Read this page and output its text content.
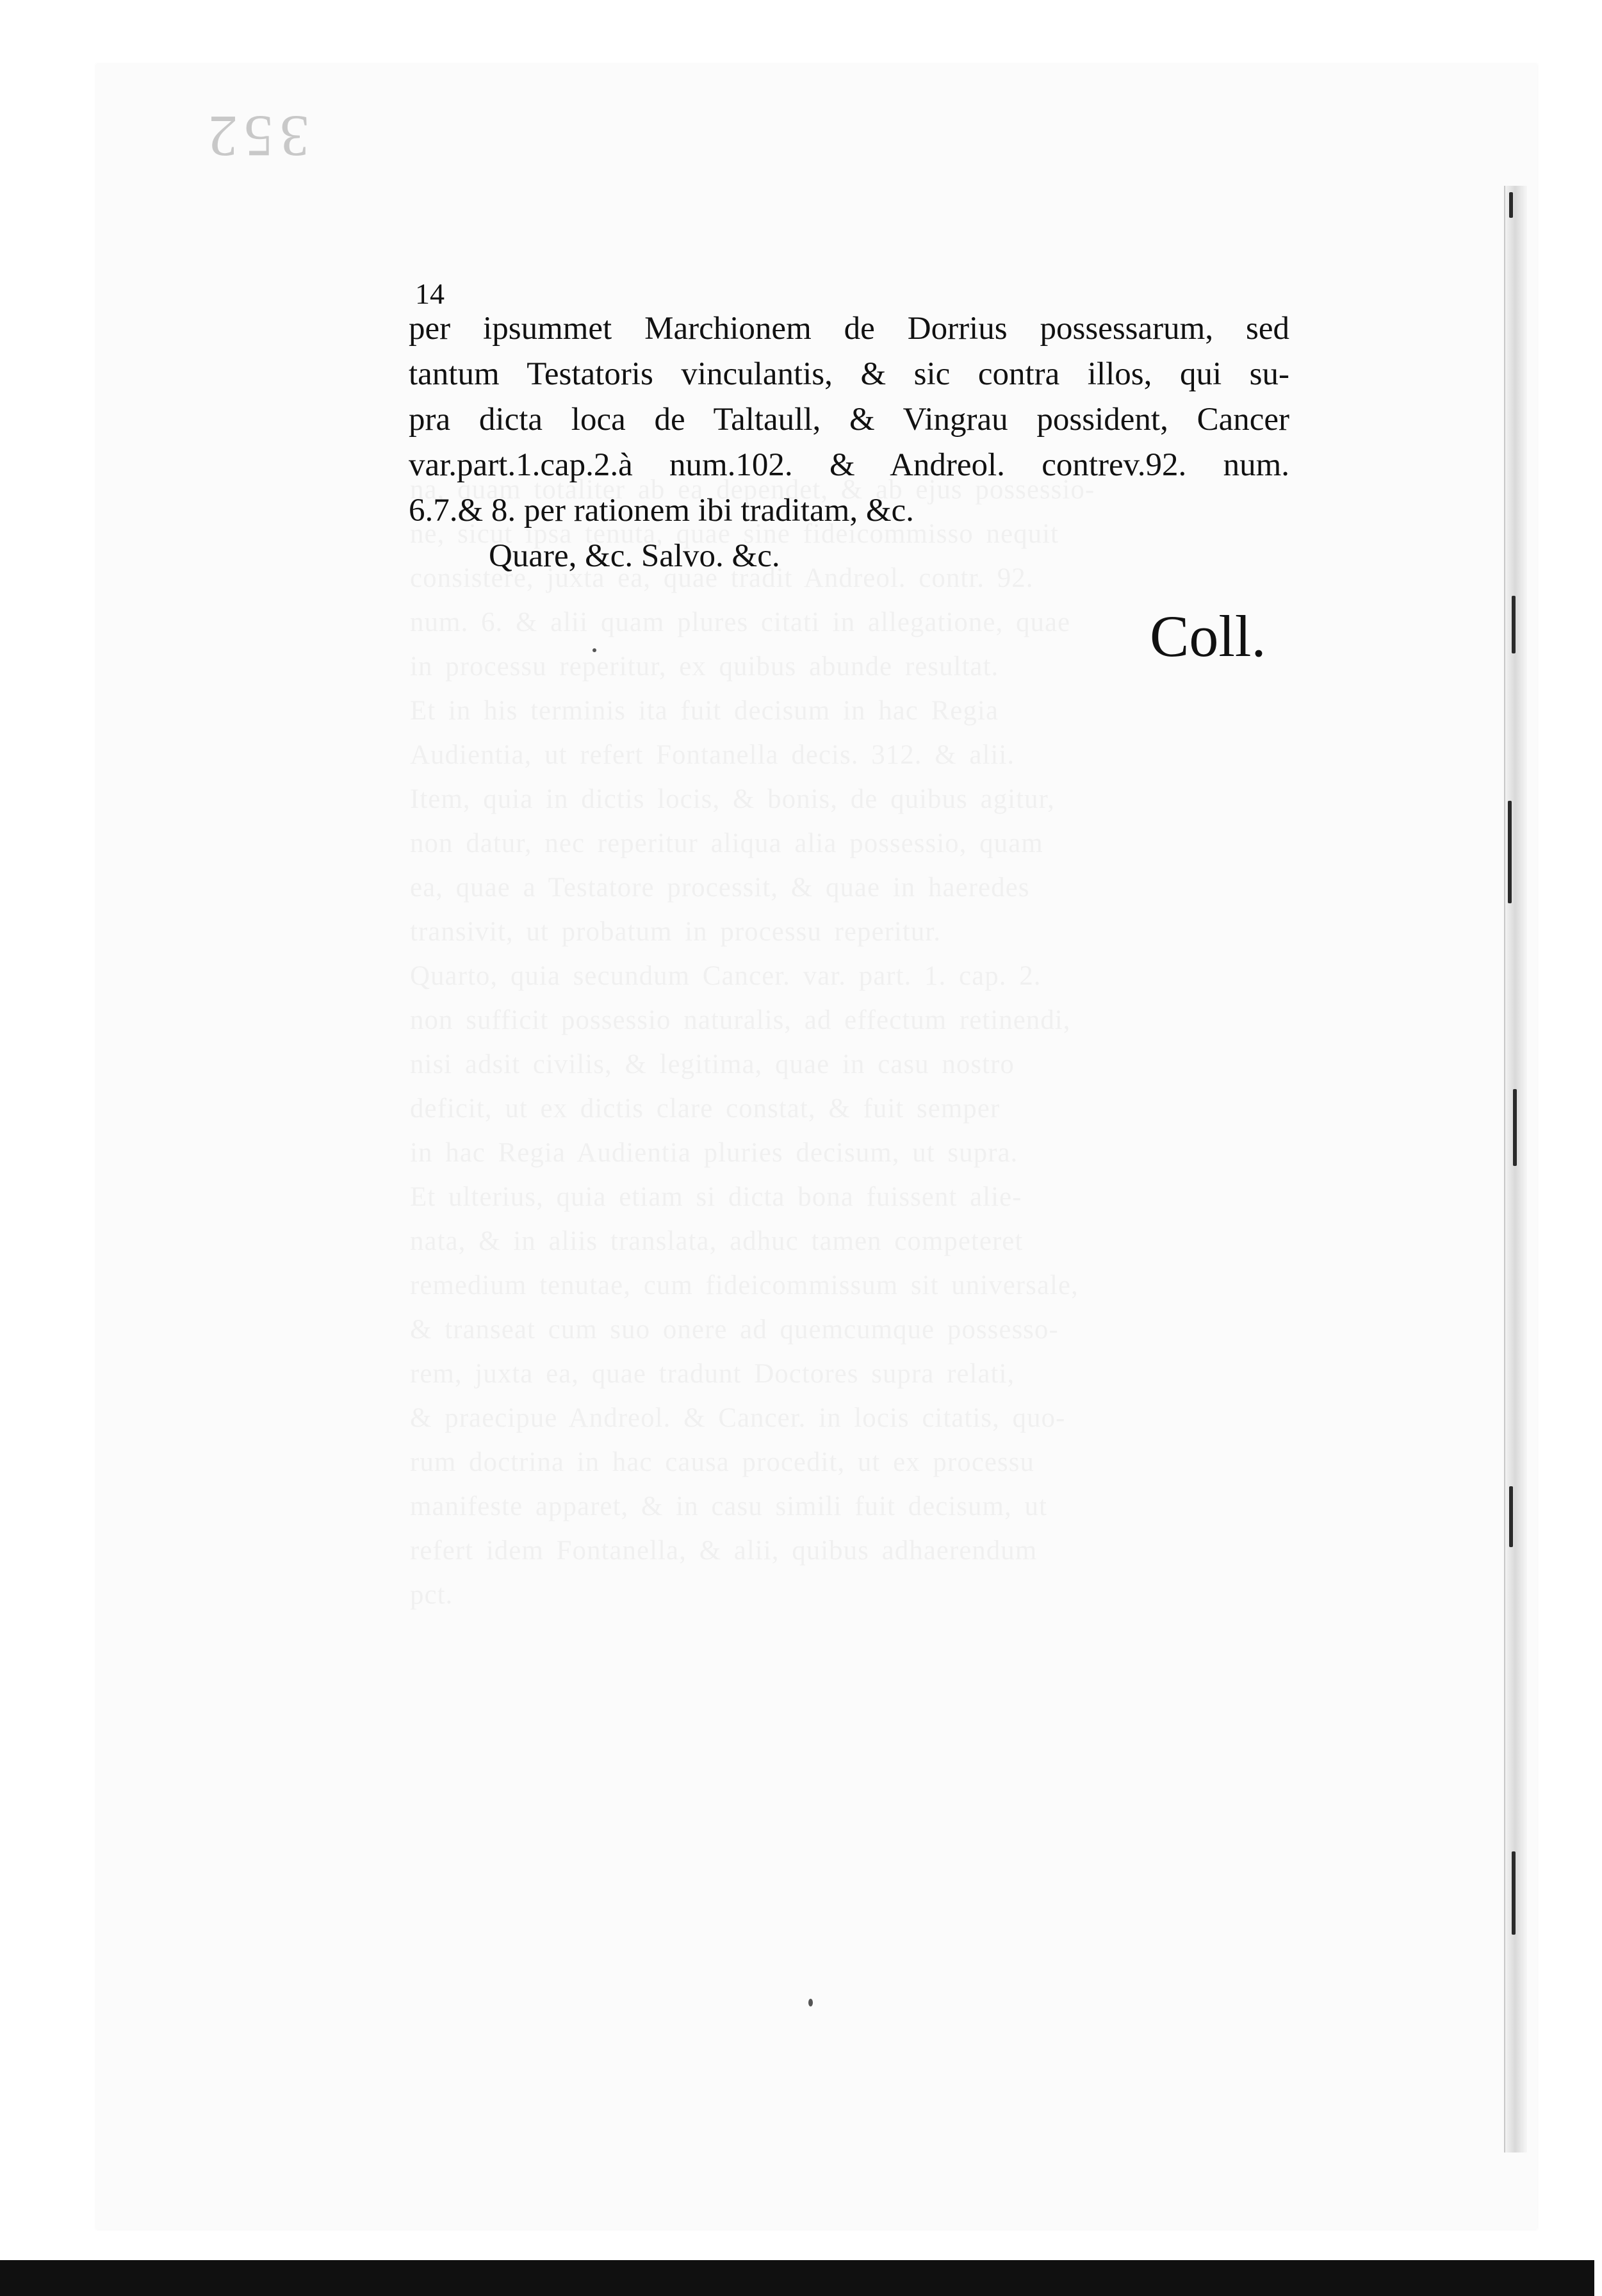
352
14
per ipsummet Marchionem de Dorrius possessarum, sed
tantum Testatoris vinculantis, & sic contra illos, qui su-
pra dicta loca de Taltaull, & Vingrau possident, Cancer
var.part.1.cap.2.à num.102. & Andreol. contrev.92. num.
6.7.& 8. per rationem ibi traditam, &c.
Quare, &c. Salvo. &c.
Coll.
